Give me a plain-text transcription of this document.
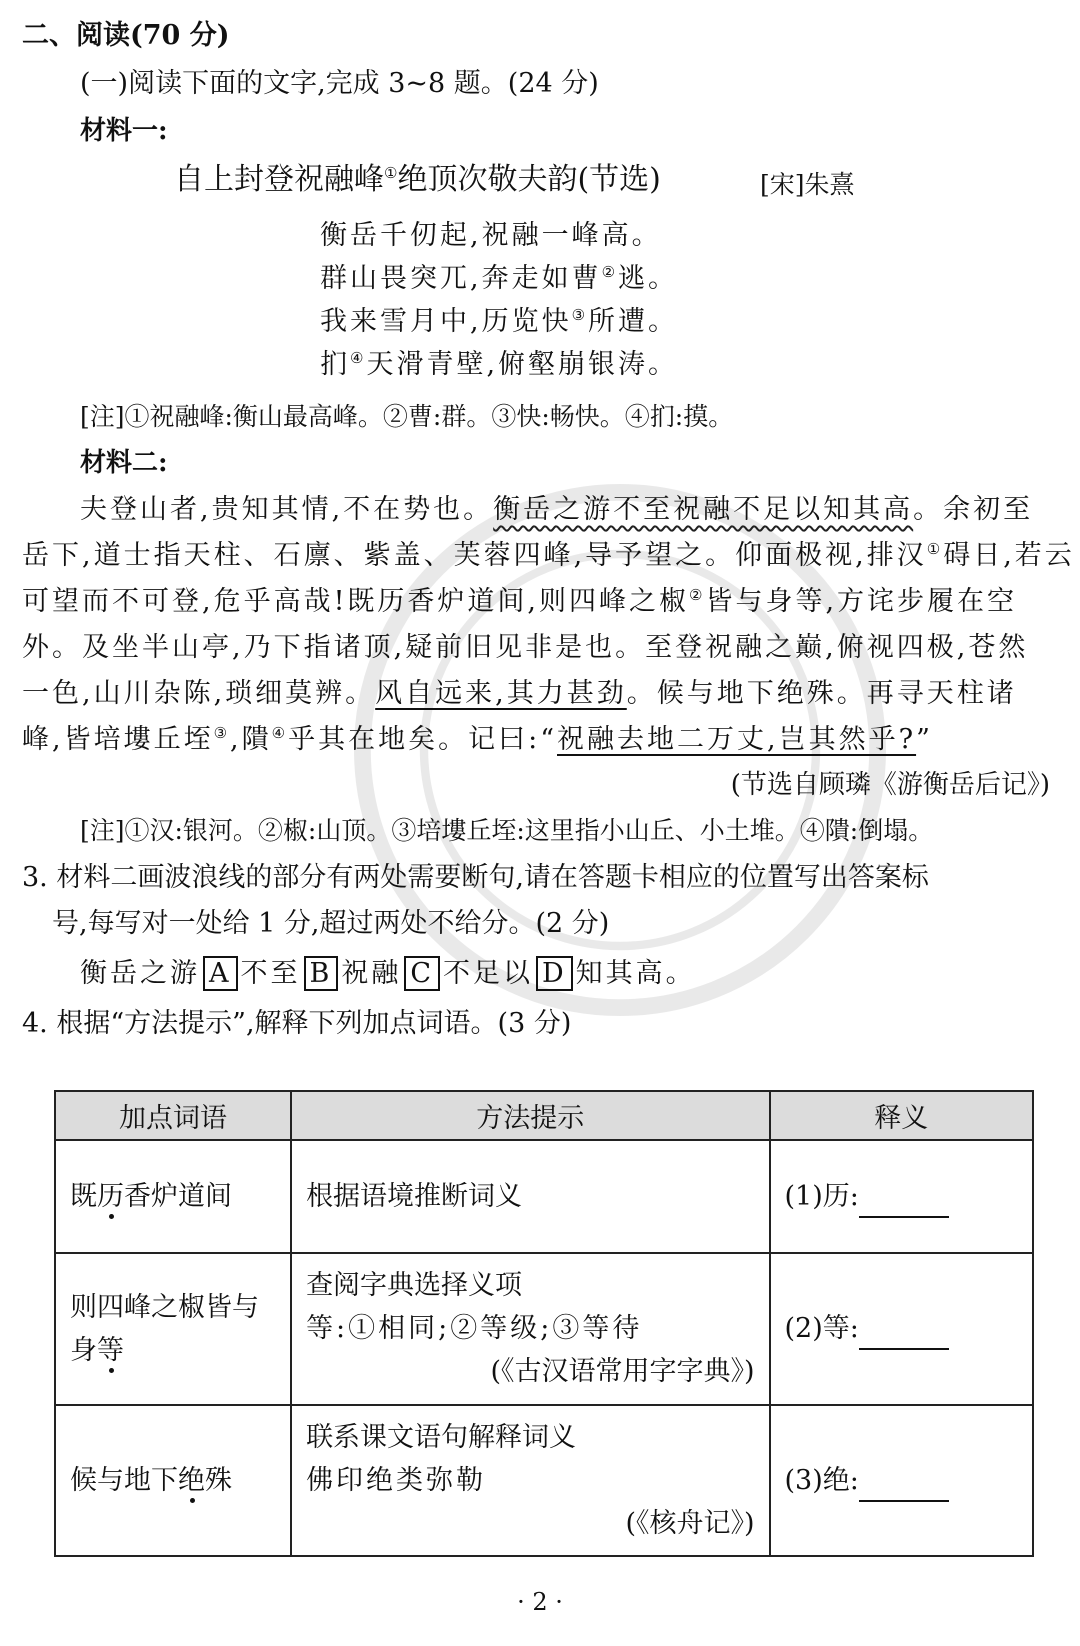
二、阅读(70 分)
(一)阅读下面的文字,完成 3~8 题。(24 分)
材料一:
自上封登祝融峰①绝顶次敬夫韵(节选)	[宋]朱熹
衡岳千仞起,祝融一峰高。
群山畏突兀,奔走如曹②逃。
我来雪月中,历览快③所遭。
扪④天滑青壁,俯壑崩银涛。
[注]①祝融峰:衡山最高峰。②曹:群。③快:畅快。④扪:摸。
材料二:
夫登山者,贵知其情,不在势也。衡岳之游不至祝融不足以知其高。余初至
岳下,道士指天柱、石廪、紫盖、芙蓉四峰,导予望之。仰面极视,排汉①碍日,若云
可望而不可登,危乎高哉!既历香炉道间,则四峰之椒②皆与身等,方诧步履在空
外。及坐半山亭,乃下指诸顶,疑前旧见非是也。至登祝融之巅,俯视四极,苍然
一色,山川杂陈,琐细莫辨。风自远来,其力甚劲。候与地下绝殊。再寻天柱诸
峰,皆培塿丘垤③,隤④乎其在地矣。记曰:“祝融去地二万丈,岂其然乎?”
(节选自顾璘《游衡岳后记》)
[注]①汉:银河。②椒:山顶。③培塿丘垤:这里指小山丘、小土堆。④隤:倒塌。
3. 材料二画波浪线的部分有两处需要断句,请在答题卡相应的位置写出答案标
号,每写对一处给 1 分,超过两处不给分。(2 分)
衡岳之游 A 不至 B 祝融 C 不足以 D 知其高。
4. 根据“方法提示”,解释下列加点词语。(3 分)
加点词语	方法提示	释义
既历香炉道间	根据语境推断词义	(1)历:
则四峰之椒皆与身等	查阅字典选择义项
等:①相同;②等级;③等待
(《古汉语常用字字典》)	(2)等:
候与地下绝殊	联系课文语句解释词义
佛印绝类弥勒
(《核舟记》)	(3)绝:
· 2 ·
